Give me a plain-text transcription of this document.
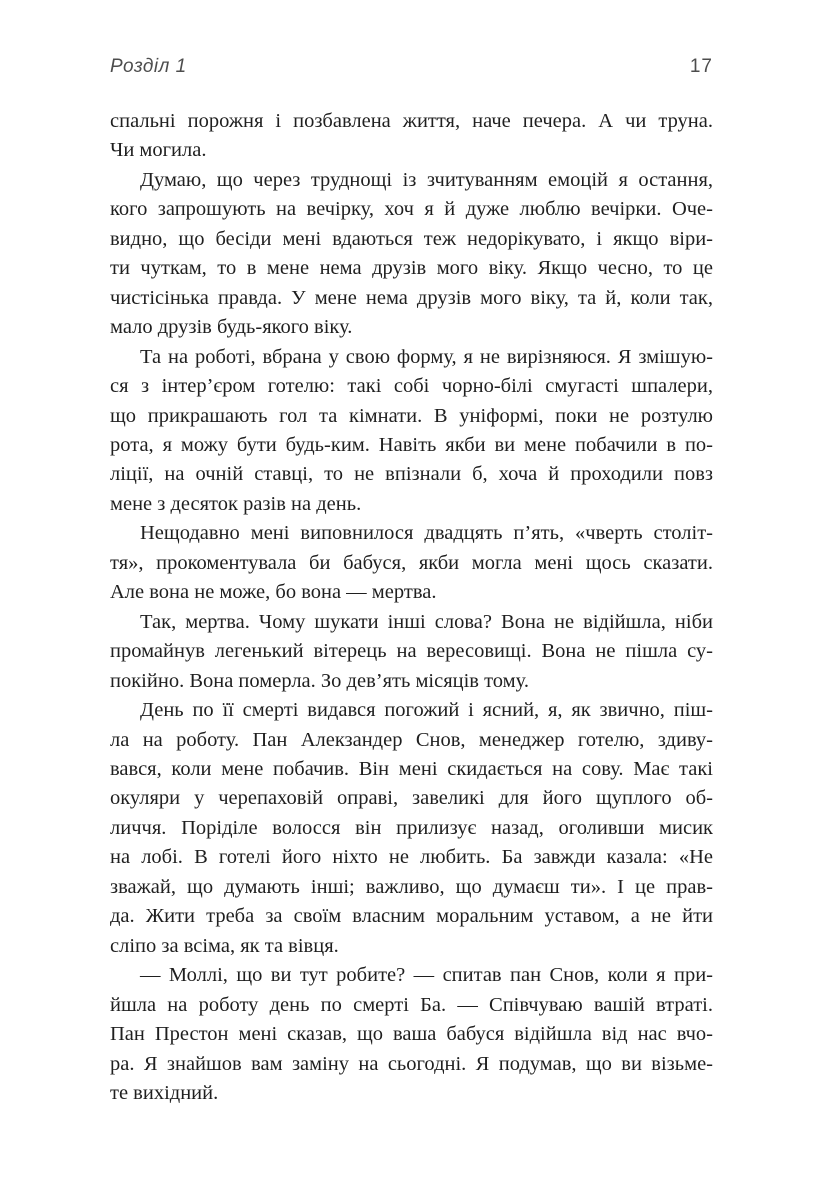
Розділ 1	17
спальні порожня і позбавлена життя, наче печера. А чи труна.
Чи могила.
Думаю, що через труднощі із зчитуванням емоцій я остання,
кого запрошують на вечірку, хоч я й дуже люблю вечірки. Оче-
видно, що бесіди мені вдаються теж недорікувато, і якщо віри-
ти чуткам, то в мене нема друзів мого віку. Якщо чесно, то це
чистісінька правда. У мене нема друзів мого віку, та й, коли так,
мало друзів будь-якого віку.
Та на роботі, вбрана у свою форму, я не вирізняюся. Я змішую-
ся з інтер’єром готелю: такі собі чорно-білі смугасті шпалери,
що прикрашають гол та кімнати. В уніформі, поки не розтулю
рота, я можу бути будь-ким. Навіть якби ви мене побачили в по-
ліції, на очній ставці, то не впізнали б, хоча й проходили повз
мене з десяток разів на день.
Нещодавно мені виповнилося двадцять п’ять, «чверть століт-
тя», прокоментувала би бабуся, якби могла мені щось сказати.
Але вона не може, бо вона — мертва.
Так, мертва. Чому шукати інші слова? Вона не відійшла, ніби
промайнув легенький вітерець на вересовищі. Вона не пішла су-
покійно. Вона померла. Зо дев’ять місяців тому.
День по її смерті видався погожий і ясний, я, як звично, піш-
ла на роботу. Пан Алекзандер Снов, менеджер готелю, здиву-
вався, коли мене побачив. Він мені скидається на сову. Має такі
окуляри у черепаховій оправі, завеликі для його щуплого об-
личчя. Поріділе волосся він прилизує назад, оголивши мисик
на лобі. В готелі його ніхто не любить. Ба завжди казала: «Не
зважай, що думають інші; важливо, що думаєш ти». І це прав-
да. Жити треба за своїм власним моральним уставом, а не йти
сліпо за всіма, як та вівця.
— Моллі, що ви тут робите? — спитав пан Снов, коли я при-
йшла на роботу день по смерті Ба. — Співчуваю вашій втраті.
Пан Престон мені сказав, що ваша бабуся відійшла від нас вчо-
ра. Я знайшов вам заміну на сьогодні. Я подумав, що ви візьме-
те вихідний.
